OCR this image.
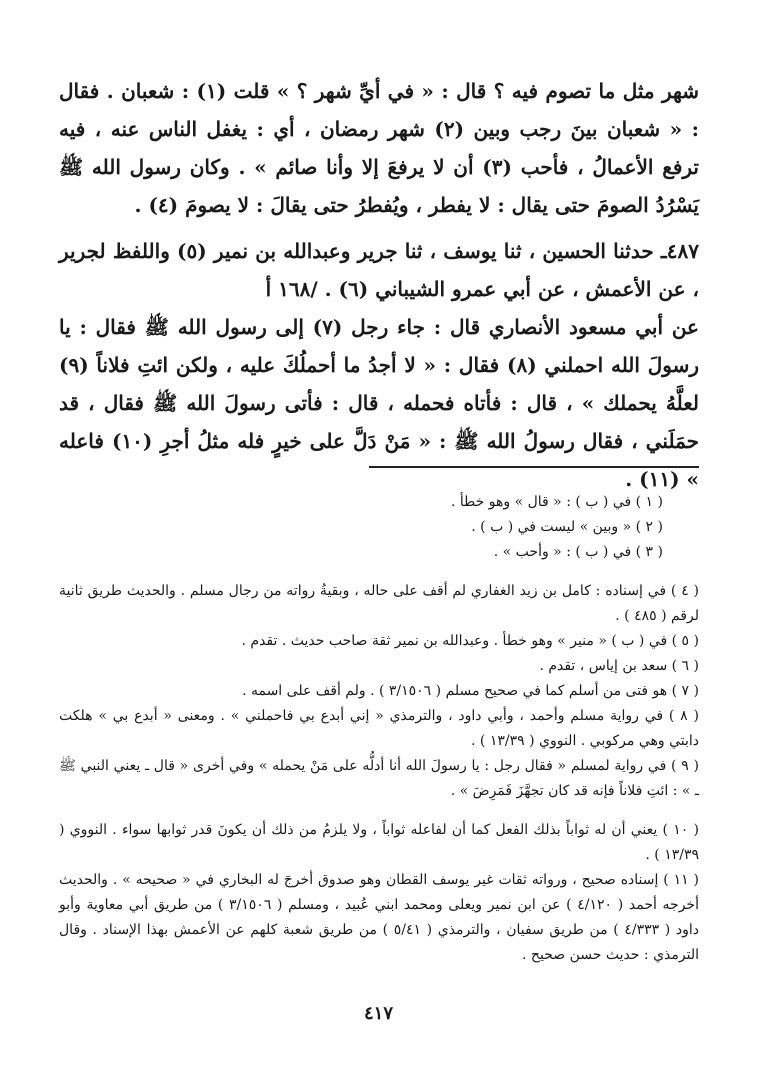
شهر مثل ما تصوم فيه ؟ قال : « في أيِّ شهر ؟ » قلت (١) : شعبان . فقال : « شعبان بينَ رجب وبين (٢) شهر رمضان ، أي : يغفل الناس عنه ، فيه ترفع الأعمالُ ، فأحب (٣) أن لا يرفعَ إلا وأنا صائم » . وكان رسول الله ﷺ يَسْرُدُ الصومَ حتى يقال : لا يفطر ، ويُفطرُ حتى يقالَ : لا يصومَ (٤) .

٤٨٧ـ حدثنا الحسين ، ثنا يوسف ، ثنا جرير وعبدالله بن نمير (٥) واللفظ لجرير ، عن الأعمش ، عن أبي عمرو الشيباني (٦) . /١٦٨ أ

عن أبي مسعود الأنصاري قال : جاء رجل (٧) إلى رسول الله ﷺ فقال : يا رسولَ الله احملني (٨) فقال : « لا أجدُ ما أحملُكَ عليه ، ولكن ائتِ فلاناً (٩) لعلَّهُ يحملك » ، قال : فأتاه فحمله ، قال : فأتى رسولَ الله ﷺ فقال ، قد حمَلَني ، فقال رسولُ الله ﷺ : « مَنْ دَلَّ على خيرٍ فله مثلُ أجرِ (١٠) فاعله » (١١) .

( ١ ) في ( ب ) : « قال » وهو خطأ .

( ٢ ) « وبين » ليست في ( ب ) .

( ٣ ) في ( ب ) : « وأحب » .

( ٤ ) في إسناده : كامل بن زيد الغفاري لم أقف على حاله ، وبقيةُ رواته من رجال مسلم . والحديث طريق ثانية لرقم ( ٤٨٥ ) .

( ٥ ) في ( ب ) « منير » وهو خطأ . وعبدالله بن نمير ثقة صاحب حديث . تقدم .

( ٦ ) سعد بن إياس ، تقدم .

( ٧ ) هو فتى من أسلم كما في صحيح مسلم ( ٣/١٥٠٦ ) . ولم أقف على اسمه .

( ٨ ) في رواية مسلم وأحمد ، وأبي داود ، والترمذي « إني أبدع بي فاحملني » . ومعنى « أبدع بي » هلكت دابتي وهي مركوبي . النووي ( ١٣/٣٩ ) .

( ٩ ) في رواية لمسلم « فقال رجل : يا رسولَ الله أنا أدلُّه على مَنْ يحمله » وفي أخرى « قال ـ يعني النبي ﷺ ـ » : ائتِ فلاناً فإنه قد كان تجهَّزَ فَمَرِضَ » .

( ١٠ ) يعني أن له ثواباً بذلك الفعل كما أن لفاعله ثواباً ، ولا يلزمُ من ذلك أن يكونَ قدر ثوابها سواء . النووي ( ١٣/٣٩ ) .

( ١١ ) إسناده صحيح ، ورواته ثقات غير يوسف القطان وهو صدوق أخرجَ له البخاري في « صحيحه » . والحديث أخرجه أحمد ( ٤/١٢٠ ) عن ابن نمير ويعلى ومحمد ابني عُبيد ، ومسلم ( ٣/١٥٠٦ ) من طريق أبي معاوية وأبو داود ( ٤/٣٣٣ ) من طريق سفيان ، والترمذي ( ٥/٤١ ) من طريق شعبة كلهم عن الأعمش بهذا الإسناد . وقال الترمذي : حديث حسن صحيح .

٤١٧
